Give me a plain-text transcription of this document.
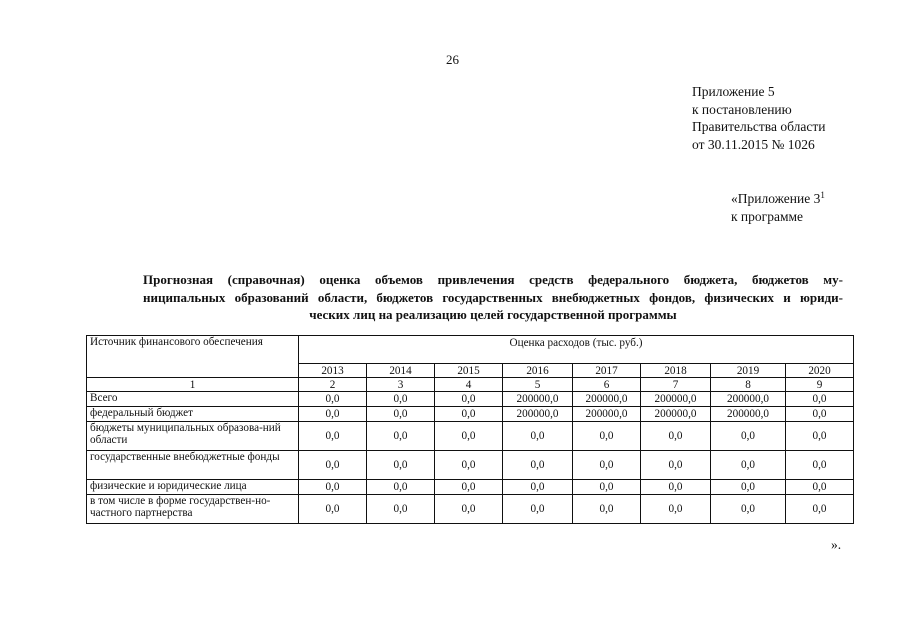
26
Приложение 5
к постановлению
Правительства области
от 30.11.2015 № 1026
«Приложение $3^1$
к программе
Прогнозная (справочная) оценка объемов привлечения средств федерального бюджета, бюджетов му-
ниципальных образований области, бюджетов государственных внебюджетных фондов, физических и юриди-
ческих лиц на реализацию целей государственной программы
Источник финансового обеспечения	Оценка расходов (тыс. руб.)							
	2013	2014	2015	2016	2017	2018	2019	2020
1	2	3	4	5	6	7	8	9
Всего	0,0	0,0	0,0	200000,0	200000,0	200000,0	200000,0	0,0
федеральный бюджет	0,0	0,0	0,0	200000,0	200000,0	200000,0	200000,0	0,0
бюджеты муниципальных образова-ний области	0,0	0,0	0,0	0,0	0,0	0,0	0,0	0,0
государственные внебюджетные фонды	0,0	0,0	0,0	0,0	0,0	0,0	0,0	0,0
физические и юридические лица	0,0	0,0	0,0	0,0	0,0	0,0	0,0	0,0
в том числе в форме государствен-но-частного партнерства	0,0	0,0	0,0	0,0	0,0	0,0	0,0	0,0
».
